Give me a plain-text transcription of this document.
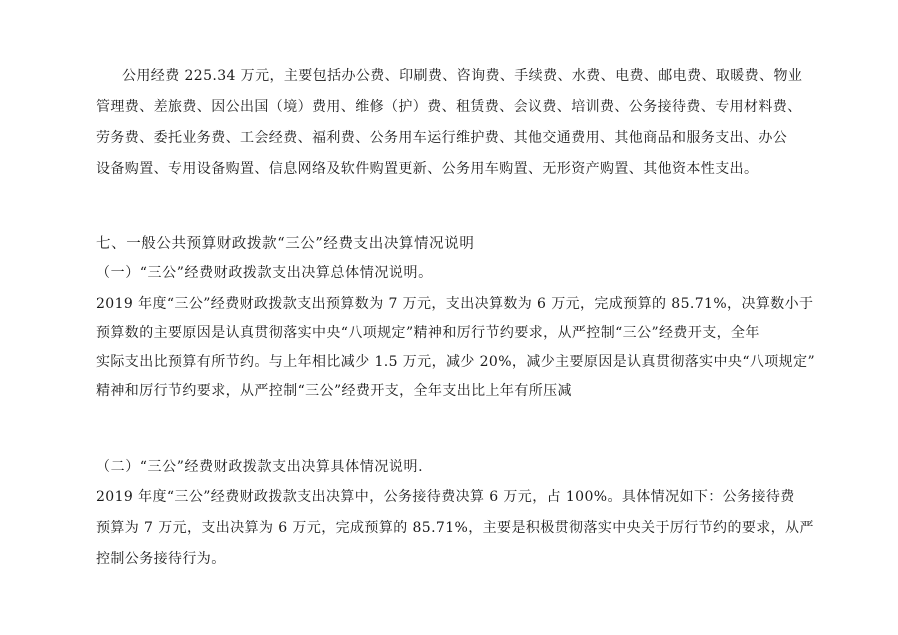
公用经费 225.34 万元，主要包括办公费、印刷费、咨询费、手续费、水费、电费、邮电费、取暖费、物业
管理费、差旅费、因公出国（境）费用、维修（护）费、租赁费、会议费、培训费、公务接待费、专用材料费、
劳务费、委托业务费、工会经费、福利费、公务用车运行维护费、其他交通费用、其他商品和服务支出、办公
设备购置、专用设备购置、信息网络及软件购置更新、公务用车购置、无形资产购置、其他资本性支出。
七、一般公共预算财政拨款“三公”经费支出决算情况说明
（一）“三公”经费财政拨款支出决算总体情况说明。
2019 年度“三公”经费财政拨款支出预算数为 7 万元，支出决算数为 6 万元，完成预算的 85.71%，决算数小于
预算数的主要原因是认真贯彻落实中央“八项规定”精神和厉行节约要求，从严控制“三公”经费开支，全年
实际支出比预算有所节约。与上年相比减少 1.5 万元，减少 20%，减少主要原因是认真贯彻落实中央“八项规定”
精神和厉行节约要求，从严控制“三公”经费开支，全年支出比上年有所压减
（二）“三公”经费财政拨款支出决算具体情况说明.
2019 年度“三公”经费财政拨款支出决算中，公务接待费决算 6 万元，占 100%。具体情况如下：公务接待费
预算为 7 万元，支出决算为 6 万元，完成预算的 85.71%，主要是积极贯彻落实中央关于厉行节约的要求，从严
控制公务接待行为。
